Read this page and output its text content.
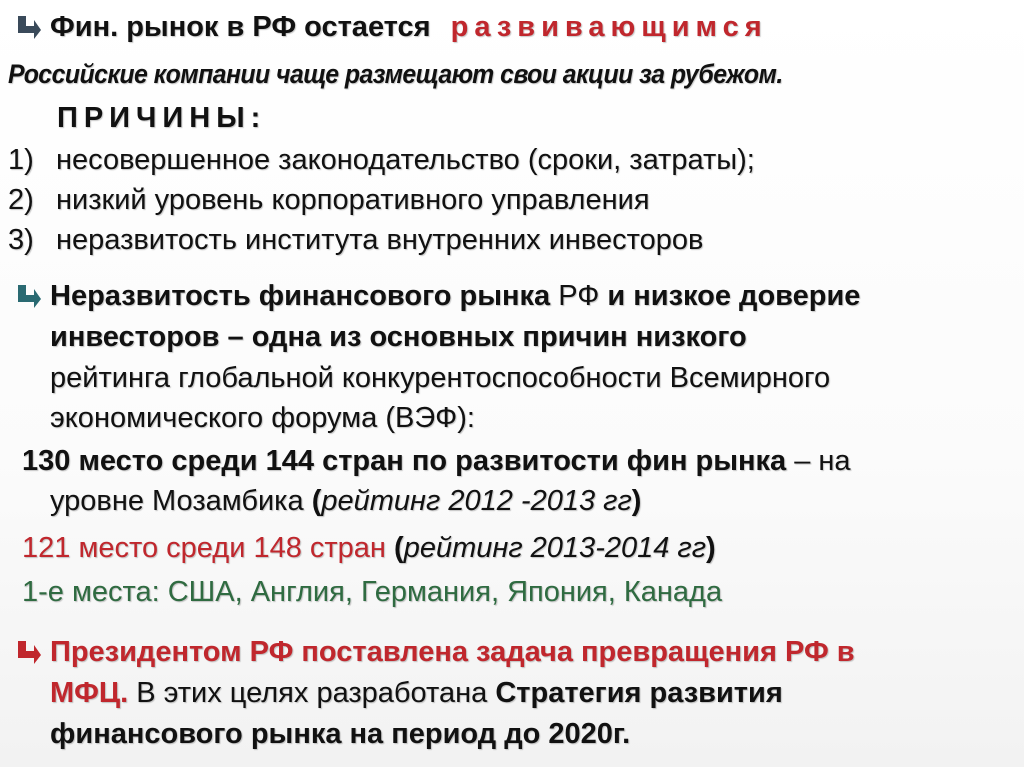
Фин. рынок в РФ остается развивающимся
Российские компании чаще размещают свои акции за рубежом.
ПРИЧИНЫ:
1) несовершенное законодательство (сроки, затраты);
2) низкий уровень корпоративного управления
3) неразвитость института внутренних инвесторов
Неразвитость финансового рынка РФ и низкое доверие
инвесторов – одна из основных причин низкого
рейтинга глобальной конкурентоспособности Всемирного
экономического форума (ВЭФ):
130 место среди 144 стран по развитости фин рынка – на
уровне Мозамбика (рейтинг 2012 -2013 гг)
121 место среди 148 стран (рейтинг 2013-2014 гг)
1-е места: США, Англия, Германия, Япония, Канада
Президентом РФ поставлена задача превращения РФ в
МФЦ. В этих целях разработана Стратегия развития
финансового рынка на период до 2020г.
